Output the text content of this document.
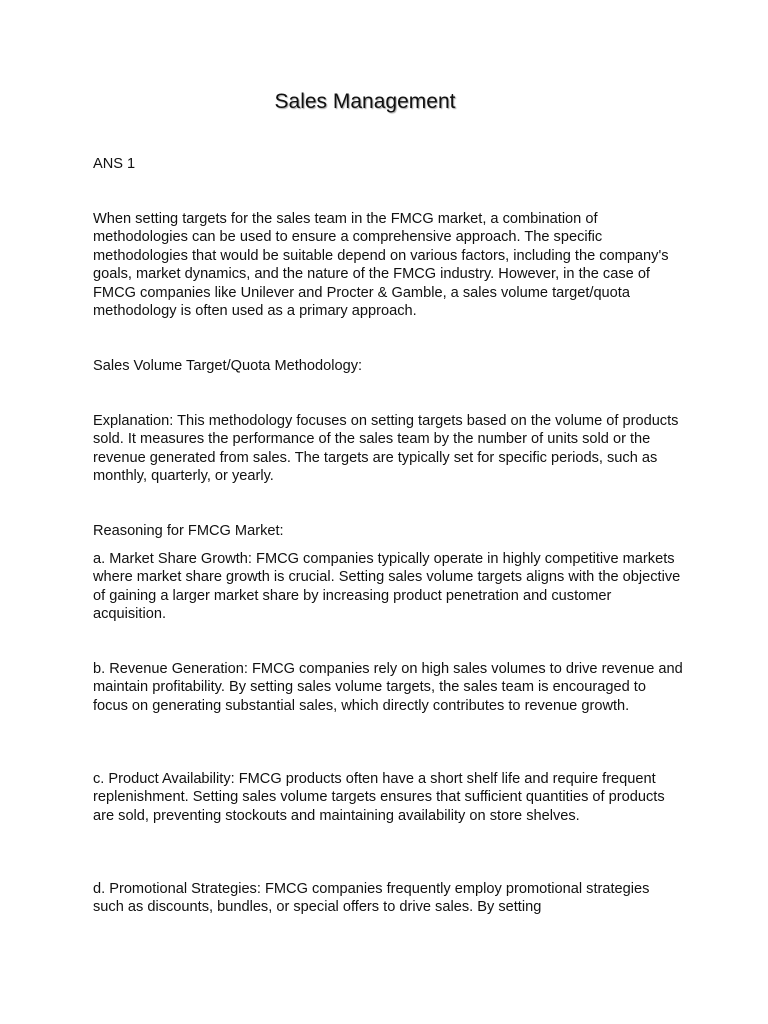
Sales Management

ANS 1

When setting targets for the sales team in the FMCG market, a combination of methodologies can be used to ensure a comprehensive approach. The specific methodologies that would be suitable depend on various factors, including the company's goals, market dynamics, and the nature of the FMCG industry. However, in the case of FMCG companies like Unilever and Procter & Gamble, a sales volume target/quota methodology is often used as a primary approach.

Sales Volume Target/Quota Methodology:

Explanation: This methodology focuses on setting targets based on the volume of products sold. It measures the performance of the sales team by the number of units sold or the revenue generated from sales. The targets are typically set for specific periods, such as monthly, quarterly, or yearly.

Reasoning for FMCG Market:

a. Market Share Growth: FMCG companies typically operate in highly competitive markets where market share growth is crucial. Setting sales volume targets aligns with the objective of gaining a larger market share by increasing product penetration and customer acquisition.

b. Revenue Generation: FMCG companies rely on high sales volumes to drive revenue and maintain profitability. By setting sales volume targets, the sales team is encouraged to focus on generating substantial sales, which directly contributes to revenue growth.

c. Product Availability: FMCG products often have a short shelf life and require frequent replenishment. Setting sales volume targets ensures that sufficient quantities of products are sold, preventing stockouts and maintaining availability on store shelves.

d. Promotional Strategies: FMCG companies frequently employ promotional strategies such as discounts, bundles, or special offers to drive sales. By setting
